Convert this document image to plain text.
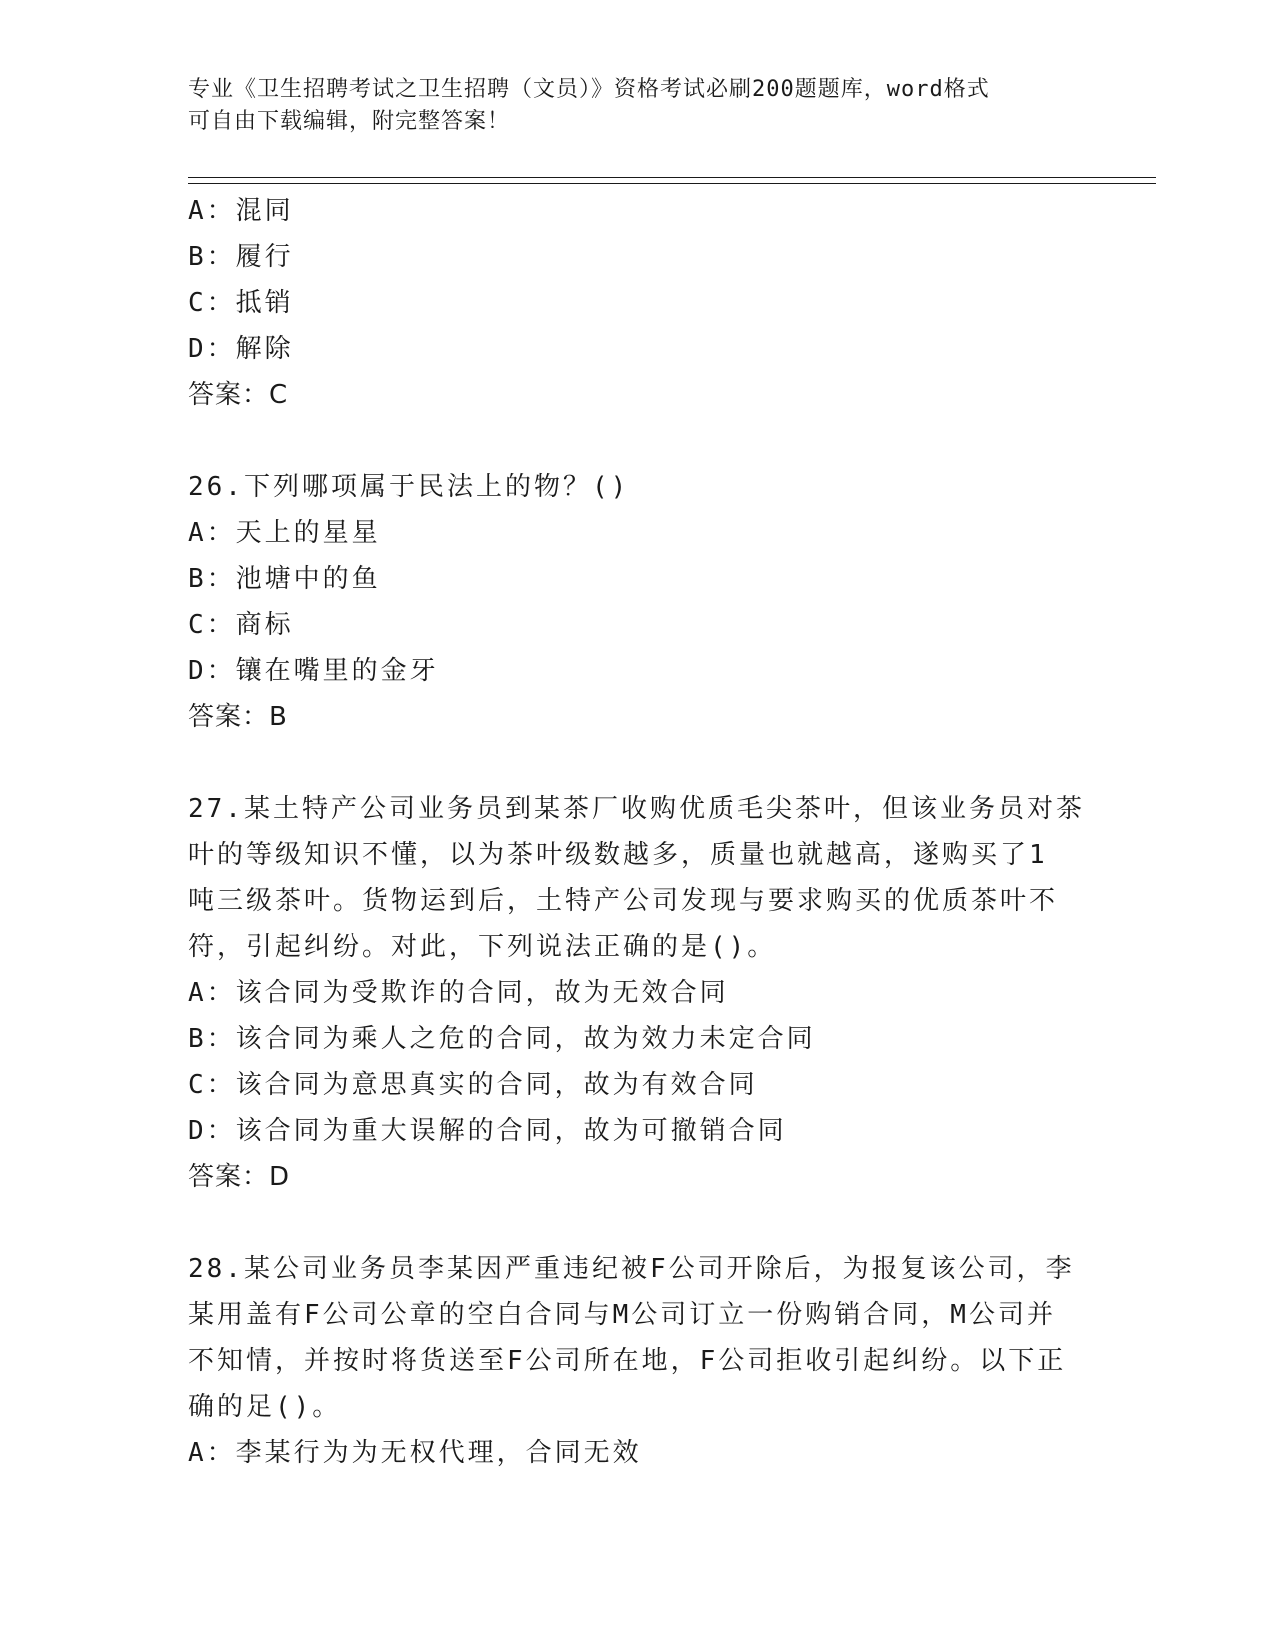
专业《卫生招聘考试之卫生招聘（文员）》资格考试必刷200题题库，word格式
可自由下载编辑，附完整答案！
A：混同
B：履行
C：抵销
D：解除
答案：C
26.下列哪项属于民法上的物？()
A：天上的星星
B：池塘中的鱼
C：商标
D：镶在嘴里的金牙
答案：B
27.某土特产公司业务员到某茶厂收购优质毛尖茶叶，但该业务员对茶
叶的等级知识不懂，以为茶叶级数越多，质量也就越高，遂购买了1
吨三级茶叶。货物运到后，土特产公司发现与要求购买的优质茶叶不
符，引起纠纷。对此，下列说法正确的是()。
A：该合同为受欺诈的合同，故为无效合同
B：该合同为乘人之危的合同，故为效力未定合同
C：该合同为意思真实的合同，故为有效合同
D：该合同为重大误解的合同，故为可撤销合同
答案：D
28.某公司业务员李某因严重违纪被F公司开除后，为报复该公司，李
某用盖有F公司公章的空白合同与M公司订立一份购销合同，M公司并
不知情，并按时将货送至F公司所在地，F公司拒收引起纠纷。以下正
确的足()。
A：李某行为为无权代理，合同无效
